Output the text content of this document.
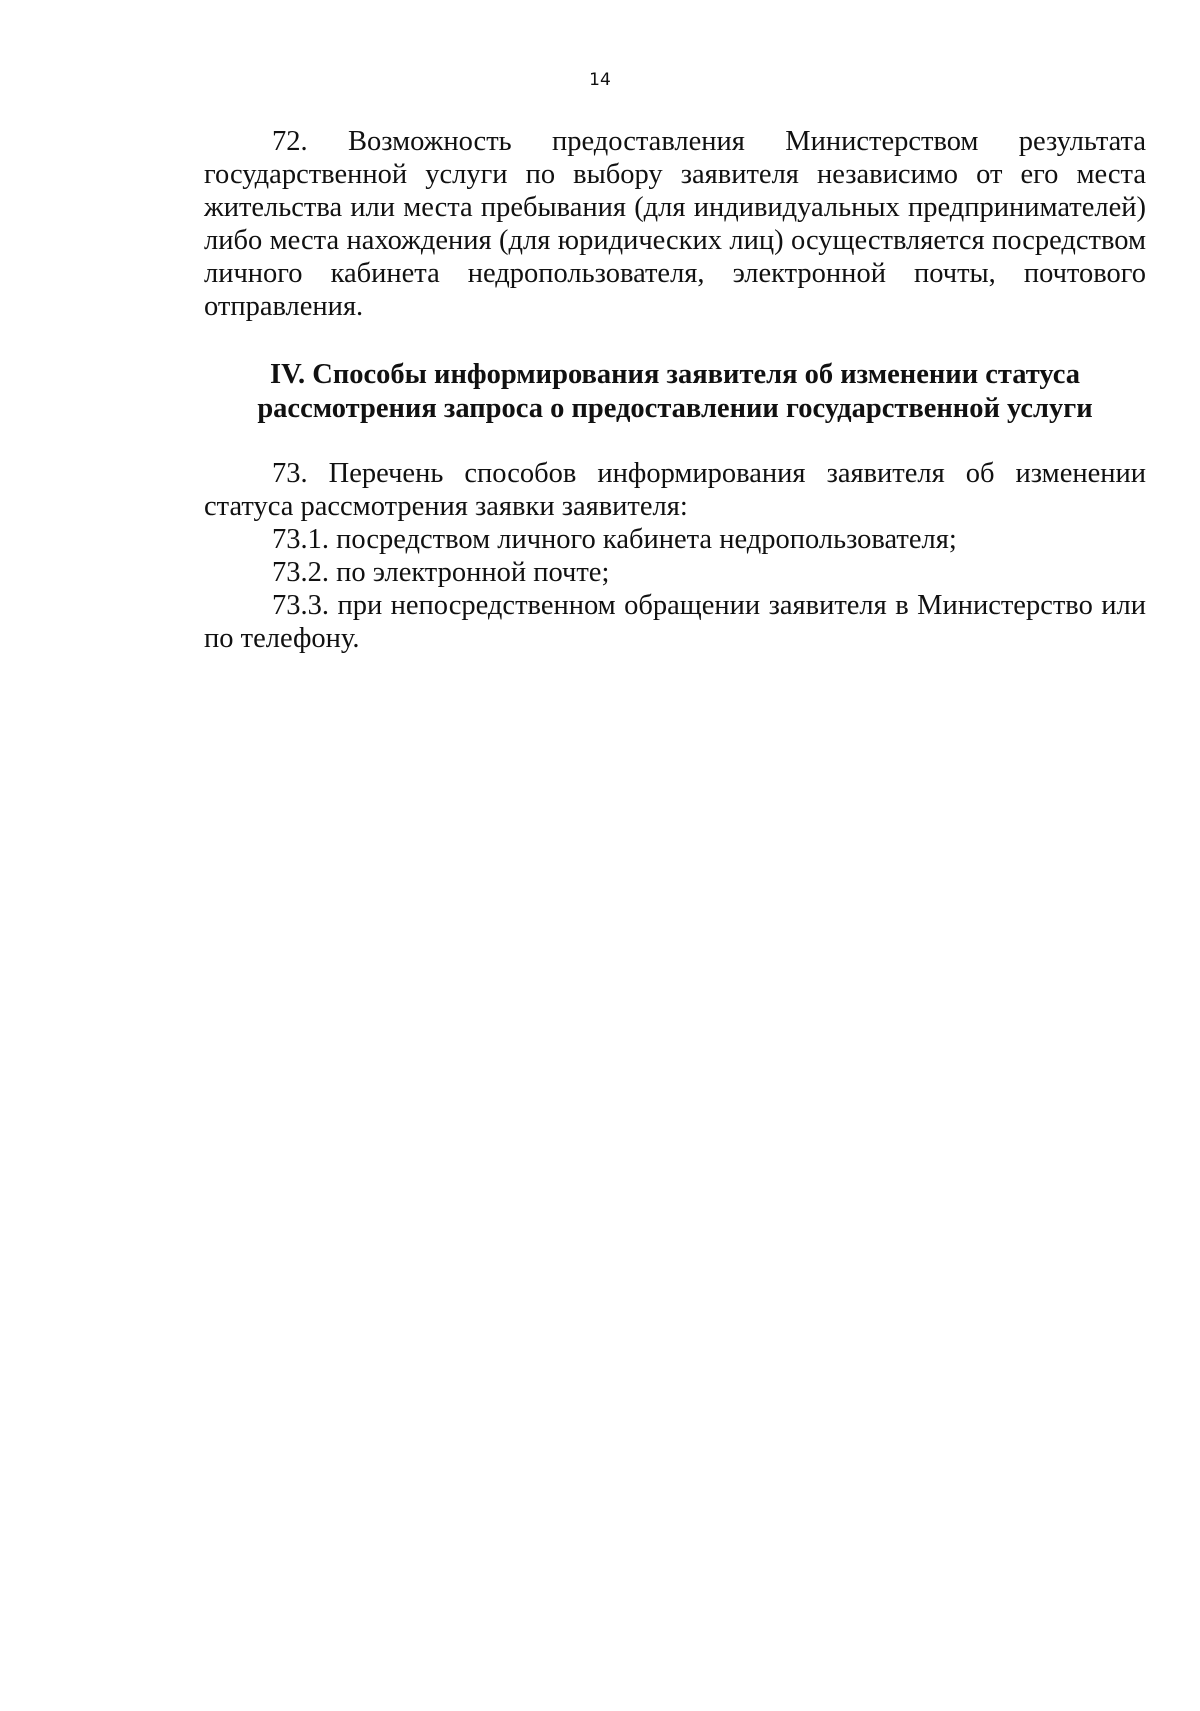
14

72. Возможность предоставления Министерством результата государственной услуги по выбору заявителя независимо от его места жительства или места пребывания (для индивидуальных предпринимателей) либо места нахождения (для юридических лиц) осуществляется посредством личного кабинета недропользователя, электронной почты, почтового отправления.

IV. Способы информирования заявителя об изменении статуса
рассмотрения запроса о предоставлении государственной услуги

73. Перечень способов информирования заявителя об изменении статуса рассмотрения заявки заявителя:

73.1. посредством личного кабинета недропользователя;

73.2. по электронной почте;

73.3. при непосредственном обращении заявителя в Министерство или по телефону.
